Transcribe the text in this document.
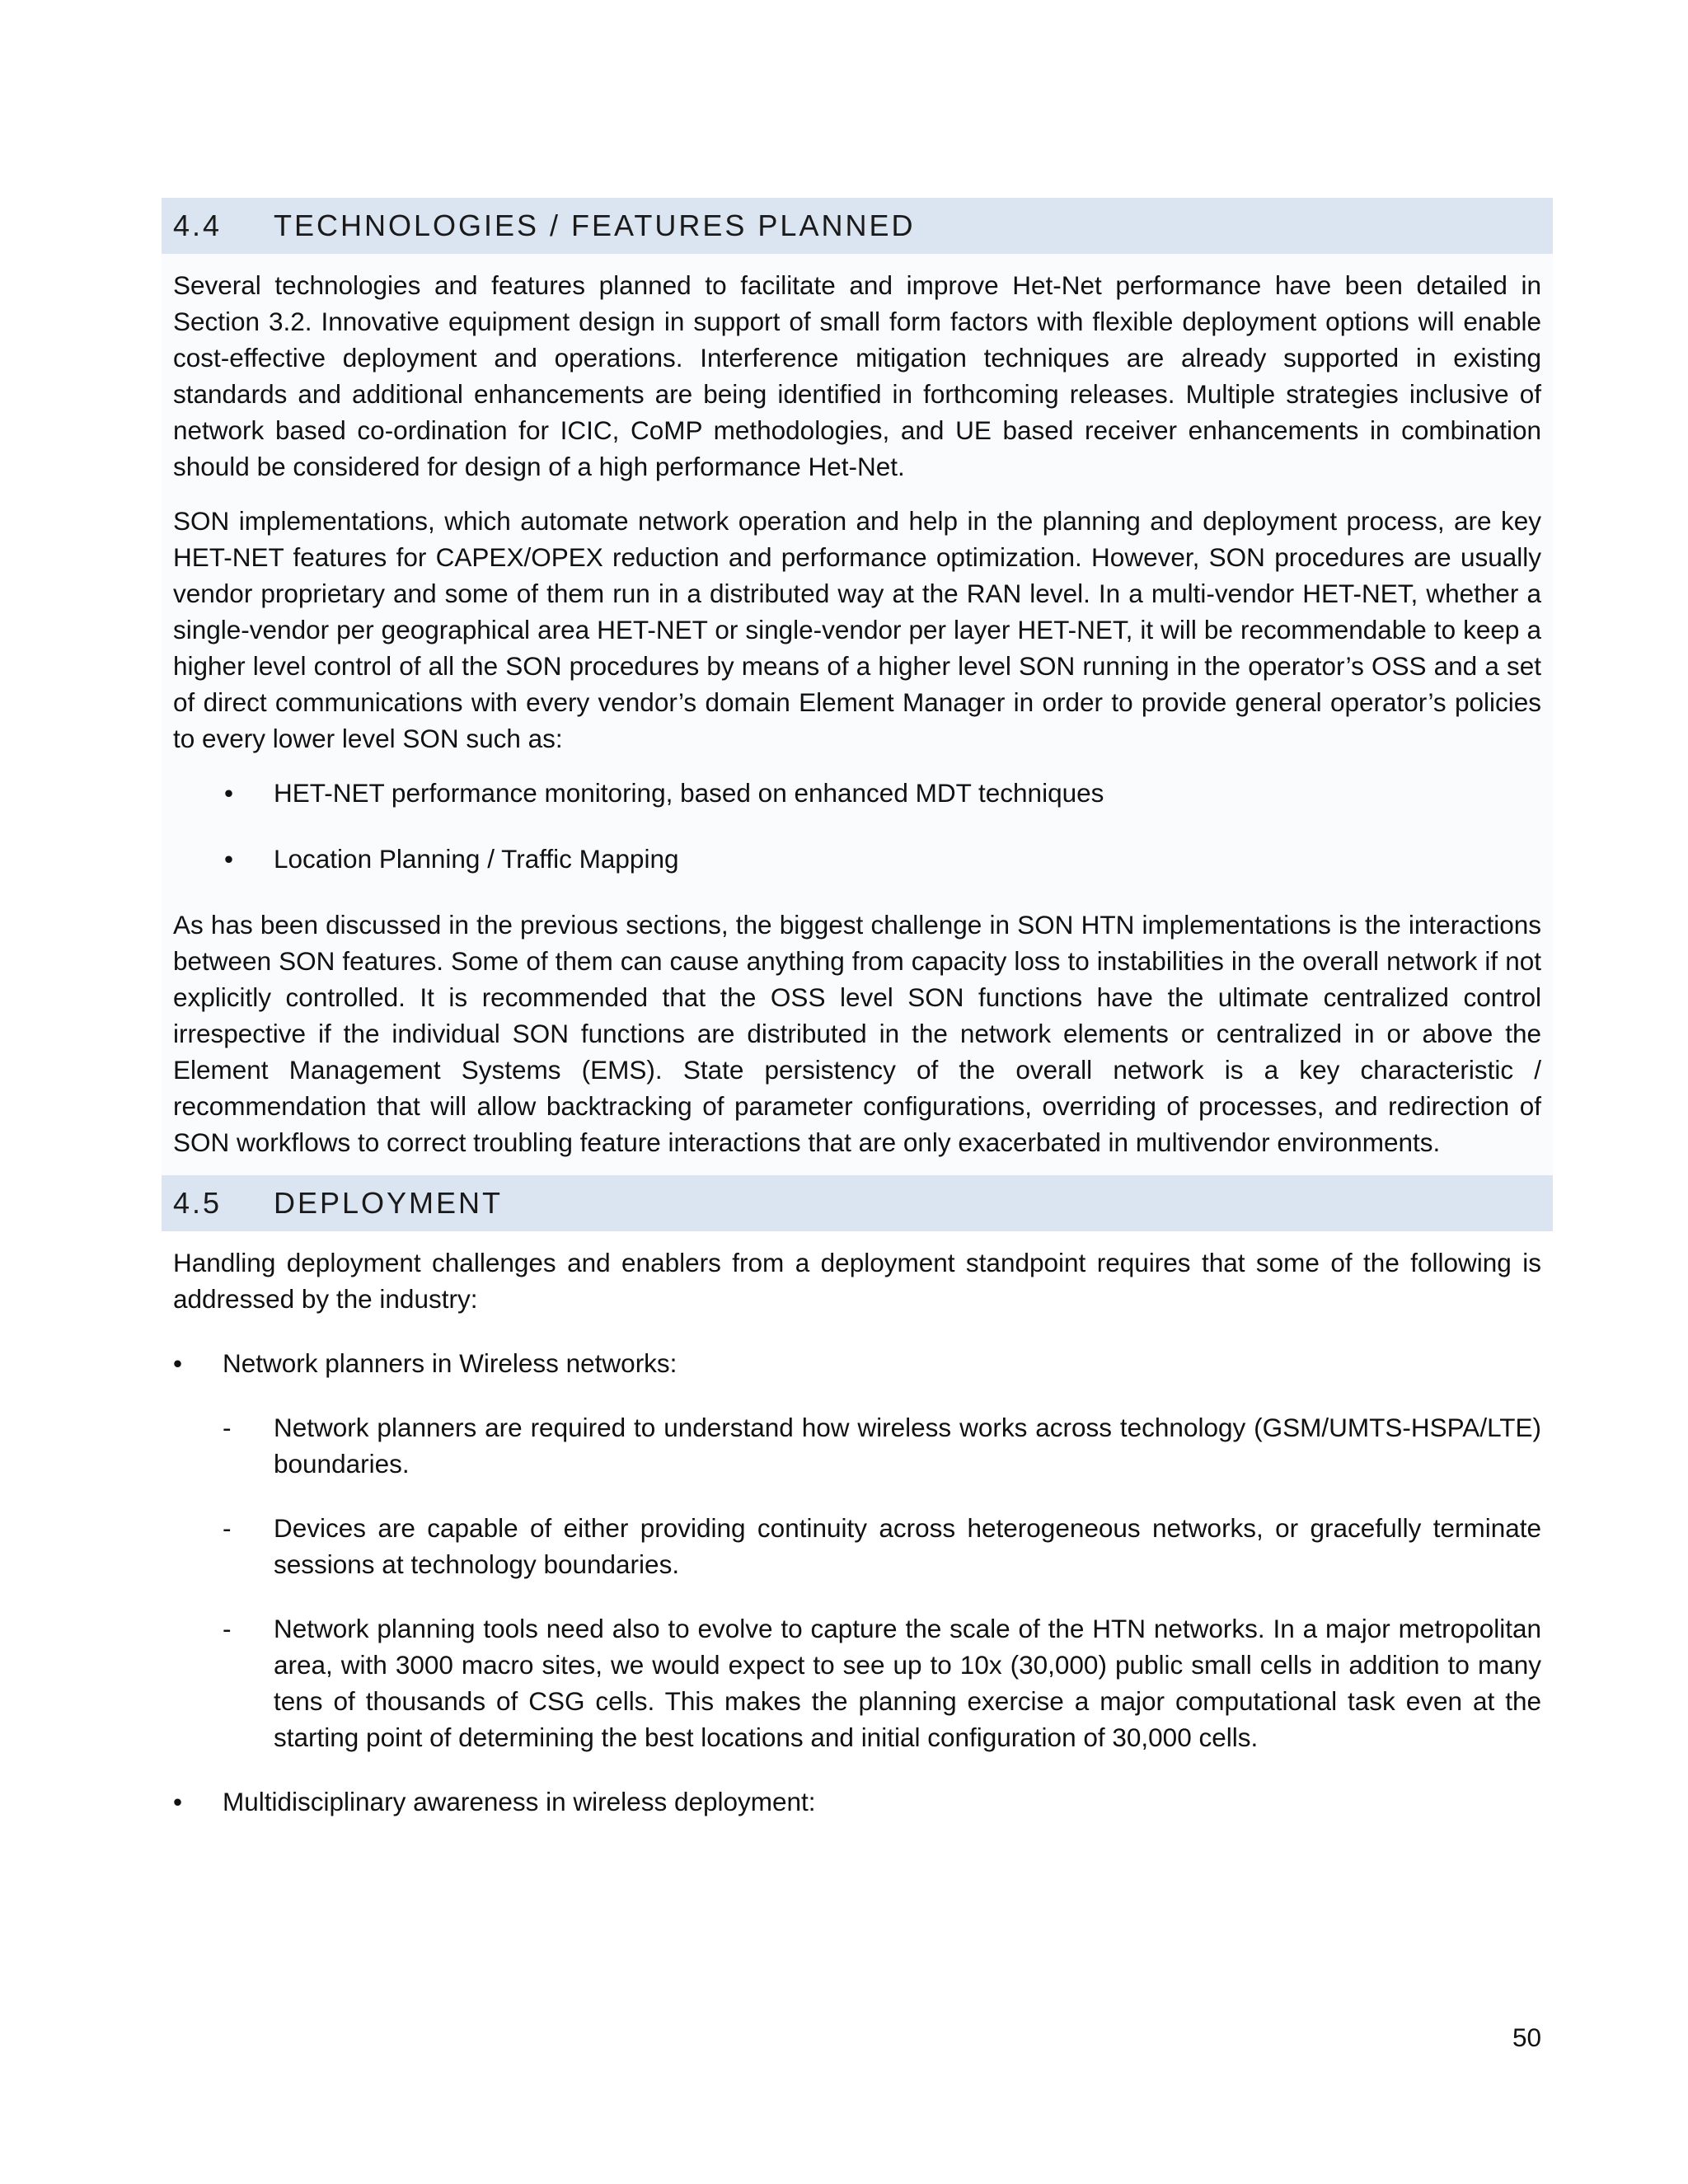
4.4	TECHNOLOGIES / FEATURES PLANNED

Several technologies and features planned to facilitate and improve Het-Net performance have been detailed in Section 3.2. Innovative equipment design in support of small form factors with flexible deployment options will enable cost-effective deployment and operations. Interference mitigation techniques are already supported in existing standards and additional enhancements are being identified in forthcoming releases. Multiple strategies inclusive of network based co-ordination for ICIC, CoMP methodologies, and UE based receiver enhancements in combination should be considered for design of a high performance Het-Net.

SON implementations, which automate network operation and help in the planning and deployment process, are key HET-NET features for CAPEX/OPEX reduction and performance optimization. However, SON procedures are usually vendor proprietary and some of them run in a distributed way at the RAN level. In a multi-vendor HET-NET, whether a single-vendor per geographical area HET-NET or single-vendor per layer HET-NET, it will be recommendable to keep a higher level control of all the SON procedures by means of a higher level SON running in the operator’s OSS and a set of direct communications with every vendor’s domain Element Manager in order to provide general operator’s policies to every lower level SON such as:

• HET-NET performance monitoring, based on enhanced MDT techniques
• Location Planning / Traffic Mapping

As has been discussed in the previous sections, the biggest challenge in SON HTN implementations is the interactions between SON features. Some of them can cause anything from capacity loss to instabilities in the overall network if not explicitly controlled. It is recommended that the OSS level SON functions have the ultimate centralized control irrespective if the individual SON functions are distributed in the network elements or centralized in or above the Element Management Systems (EMS). State persistency of the overall network is a key characteristic / recommendation that will allow backtracking of parameter configurations, overriding of processes, and redirection of SON workflows to correct troubling feature interactions that are only exacerbated in multivendor environments.

4.5	DEPLOYMENT

Handling deployment challenges and enablers from a deployment standpoint requires that some of the following is addressed by the industry:

•	Network planners in Wireless networks:
- Network planners are required to understand how wireless works across technology (GSM/UMTS-HSPA/LTE) boundaries.
- Devices are capable of either providing continuity across heterogeneous networks, or gracefully terminate sessions at technology boundaries.
- Network planning tools need also to evolve to capture the scale of the HTN networks. In a major metropolitan area, with 3000 macro sites, we would expect to see up to 10x (30,000) public small cells in addition to many tens of thousands of CSG cells. This makes the planning exercise a major computational task even at the starting point of determining the best locations and initial configuration of 30,000 cells.
•	Multidisciplinary awareness in wireless deployment:
50
